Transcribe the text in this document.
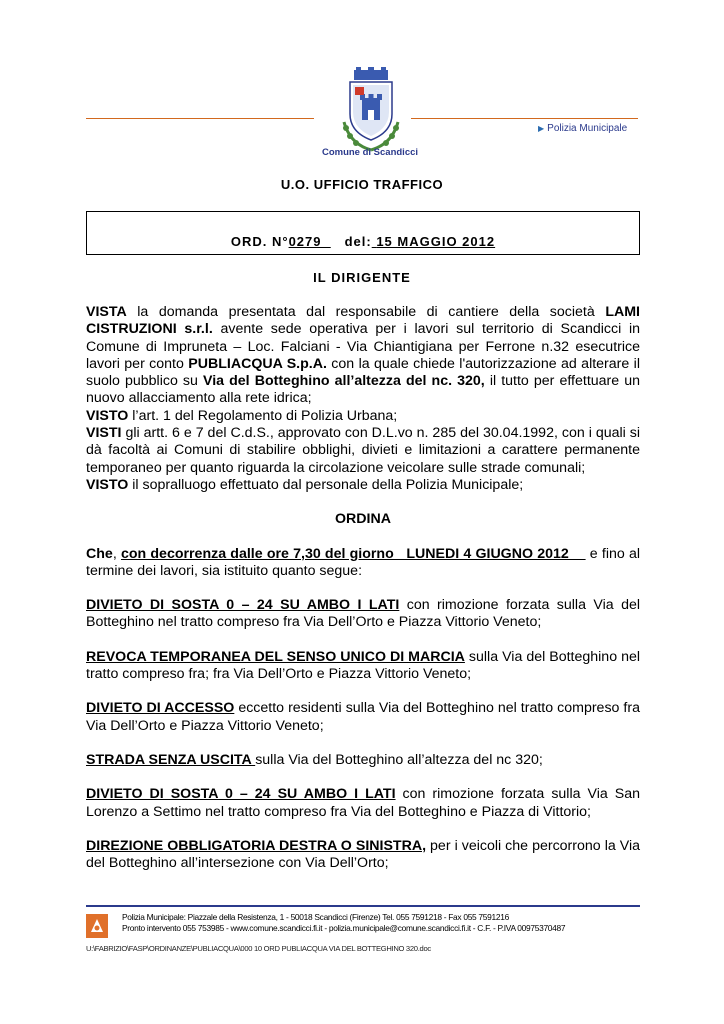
Comune di Scandicci
▶ Polizia Municipale
U.O. UFFICIO TRAFFICO
ORD. N°0279 del: 15 MAGGIO 2012
IL DIRIGENTE

VISTA la domanda presentata dal responsabile di cantiere della società LAMI CISTRUZIONI s.r.l. avente sede operativa per i lavori sul territorio di Scandicci in Comune di Impruneta – Loc. Falciani - Via Chiantigiana per Ferrone n.32 esecutrice lavori per conto PUBLIACQUA S.p.A. con la quale chiede l'autorizzazione ad alterare il suolo pubblico su Via del Botteghino all’altezza del nc. 320, il tutto per effettuare un nuovo allacciamento alla rete idrica;

VISTO l’art. 1 del Regolamento di Polizia Urbana;

VISTI gli artt. 6 e 7 del C.d.S., approvato con D.L.vo n. 285 del 30.04.1992, con i quali si dà facoltà ai Comuni di stabilire obblighi, divieti e limitazioni a carattere permanente temporaneo per quanto riguarda la circolazione veicolare sulle strade comunali;

VISTO il sopralluogo effettuato dal personale della Polizia Municipale;

ORDINA

Che, con decorrenza dalle ore 7,30 del giorno   LUNEDI 4 GIUGNO 2012     e fino al termine dei lavori, sia istituito quanto segue:

DIVIETO DI SOSTA 0 – 24 SU AMBO I LATI con rimozione forzata sulla Via del Botteghino nel tratto compreso fra Via Dell’Orto e Piazza Vittorio Veneto;

REVOCA TEMPORANEA DEL SENSO UNICO DI MARCIA sulla Via del Botteghino nel tratto compreso fra; fra Via Dell’Orto e Piazza Vittorio Veneto;

DIVIETO DI ACCESSO eccetto residenti sulla Via del Botteghino nel tratto compreso fra Via Dell’Orto e Piazza Vittorio Veneto;

STRADA SENZA USCITA sulla Via del Botteghino all’altezza del nc 320;

DIVIETO DI SOSTA 0 – 24 SU AMBO I LATI con rimozione forzata sulla Via San Lorenzo a Settimo nel tratto compreso fra Via del Botteghino e Piazza di Vittorio;

DIREZIONE OBBLIGATORIA DESTRA O SINISTRA, per i veicoli che percorrono la Via del Botteghino all’intersezione con Via Dell’Orto;

Polizia Municipale: Piazzale della Resistenza, 1 - 50018 Scandicci (Firenze) Tel. 055 7591218 - Fax 055 7591216
Pronto intervento 055 753985 - www.comune.scandicci.fi.it - polizia.municipale@comune.scandicci.fi.it - C.F. - P.IVA 00975370487
U:\FABRIZIO\FASP\ORDINANZE\PUBLIACQUA\000 10 ORD PUBLIACQUA VIA DEL BOTTEGHINO 320.doc
